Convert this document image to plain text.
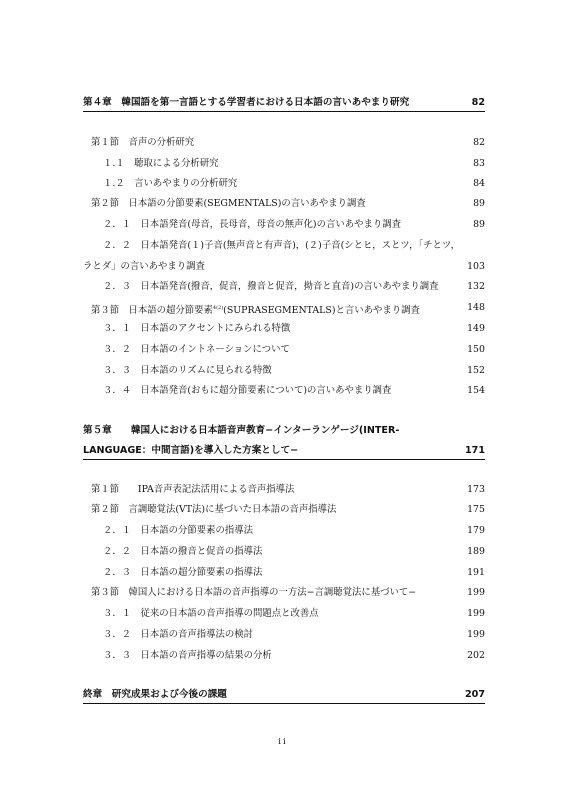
第４章　韓国語を第一言語とする学習者における日本語の言いあやまり研究	82
第１節　音声の分析研究	82
１.１　聴取による分析研究	83
１.２　言いあやまりの分析研究	84
第２節　日本語の分節要素(SEGMENTALS)の言いあやまり調査	89
２．１　日本語発音(母音，長母音，母音の無声化)の言いあやまり調査	89
２．２　日本語発音(１)子音(無声音と有声音)，(２)子音(シとヒ，スとツ，「チとツ，
ラとダ」の言いあやまり調査	103
２．３　日本語発音(撥音，促音，撥音と促音，拗音と直音)の言いあやまり調査	132
第３節　日本語の超分節要素$^{4(2)}$(SUPRASEGMENTALS)と言いあやまり調査	148
３．１　日本語のアクセントにみられる特徴	149
３．２　日本語のイントネーションについて	150
３．３　日本語のリズムに見られる特徴	152
３．４　日本語発音(おもに超分節要素について)の言いあやまり調査	154
第５章　　韓国人における日本語音声教育−インターランゲージ(INTER-
LANGUAGE：中間言語)を導入した方案として−	171
第１節　　IPA音声表記法活用による音声指導法	173
第２節　言調聴覚法(VT法)に基づいた日本語の音声指導法	175
２．１　日本語の分節要素の指導法	179
２．２　日本語の撥音と促音の指導法	189
２．３　日本語の超分節要素の指導法	191
第３節　韓国人における日本語の音声指導の一方法−言調聴覚法に基づいて−	199
３．１　従来の日本語の音声指導の問題点と改善点	199
３．２　日本語の音声指導法の検討	199
３．３　日本語の音声指導の結果の分析	202
終章　研究成果および今後の課題	207
ii
